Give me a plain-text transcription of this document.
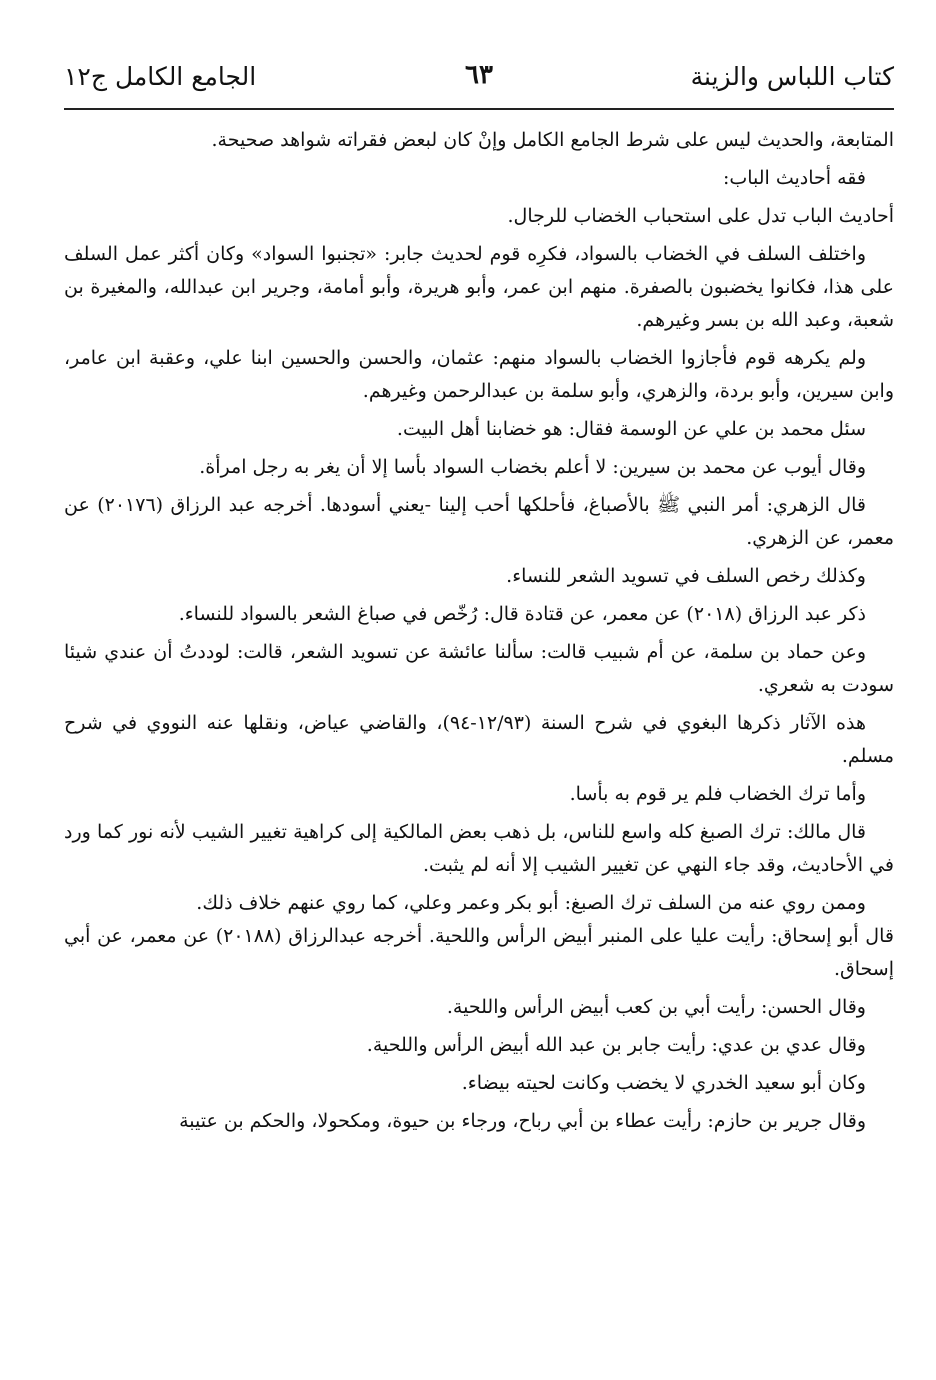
كتاب اللباس والزينة
٦٣
الجامع الكامل ج١٢

المتابعة، والحديث ليس على شرط الجامع الكامل وإنْ كان لبعض فقراته شواهد صحيحة.

فقه أحاديث الباب:

أحاديث الباب تدل على استحباب الخضاب للرجال.

واختلف السلف في الخضاب بالسواد، فكرِه قوم لحديث جابر: «تجنبوا السواد» وكان أكثر عمل السلف على هذا، فكانوا يخضبون بالصفرة. منهم ابن عمر، وأبو هريرة، وأبو أمامة، وجرير ابن عبدالله، والمغيرة بن شعبة، وعبد الله بن بسر وغيرهم.

ولم يكرهه قوم فأجازوا الخضاب بالسواد منهم: عثمان، والحسن والحسين ابنا علي، وعقبة ابن عامر، وابن سيرين، وأبو بردة، والزهري، وأبو سلمة بن عبدالرحمن وغيرهم.

سئل محمد بن علي عن الوسمة فقال: هو خضابنا أهل البيت.

وقال أيوب عن محمد بن سيرين: لا أعلم بخضاب السواد بأسا إلا أن يغر به رجل امرأة.

قال الزهري: أمر النبي ﷺ بالأصباغ، فأحلكها أحب إلينا -يعني أسودها. أخرجه عبد الرزاق (٢٠١٧٦) عن معمر، عن الزهري.

وكذلك رخص السلف في تسويد الشعر للنساء.

ذكر عبد الرزاق (٢٠١٨) عن معمر، عن قتادة قال: رُخّص في صباغ الشعر بالسواد للنساء.

وعن حماد بن سلمة، عن أم شبيب قالت: سألنا عائشة عن تسويد الشعر، قالت: لوددتُ أن عندي شيئا سودت به شعري.

هذه الآثار ذكرها البغوي في شرح السنة (١٢/٩٣-٩٤)، والقاضي عياض، ونقلها عنه النووي في شرح مسلم.

وأما ترك الخضاب فلم ير قوم به بأسا.

قال مالك: ترك الصبغ كله واسع للناس، بل ذهب بعض المالكية إلى كراهية تغيير الشيب لأنه نور كما ورد في الأحاديث، وقد جاء النهي عن تغيير الشيب إلا أنه لم يثبت.

وممن روي عنه من السلف ترك الصبغ: أبو بكر وعمر وعلي، كما روي عنهم خلاف ذلك.

قال أبو إسحاق: رأيت عليا على المنبر أبيض الرأس واللحية. أخرجه عبدالرزاق (٢٠١٨٨) عن معمر، عن أبي إسحاق.

وقال الحسن: رأيت أبي بن كعب أبيض الرأس واللحية.

وقال عدي بن عدي: رأيت جابر بن عبد الله أبيض الرأس واللحية.

وكان أبو سعيد الخدري لا يخضب وكانت لحيته بيضاء.

وقال جرير بن حازم: رأيت عطاء بن أبي رباح، ورجاء بن حيوة، ومكحولا، والحكم بن عتيبة
